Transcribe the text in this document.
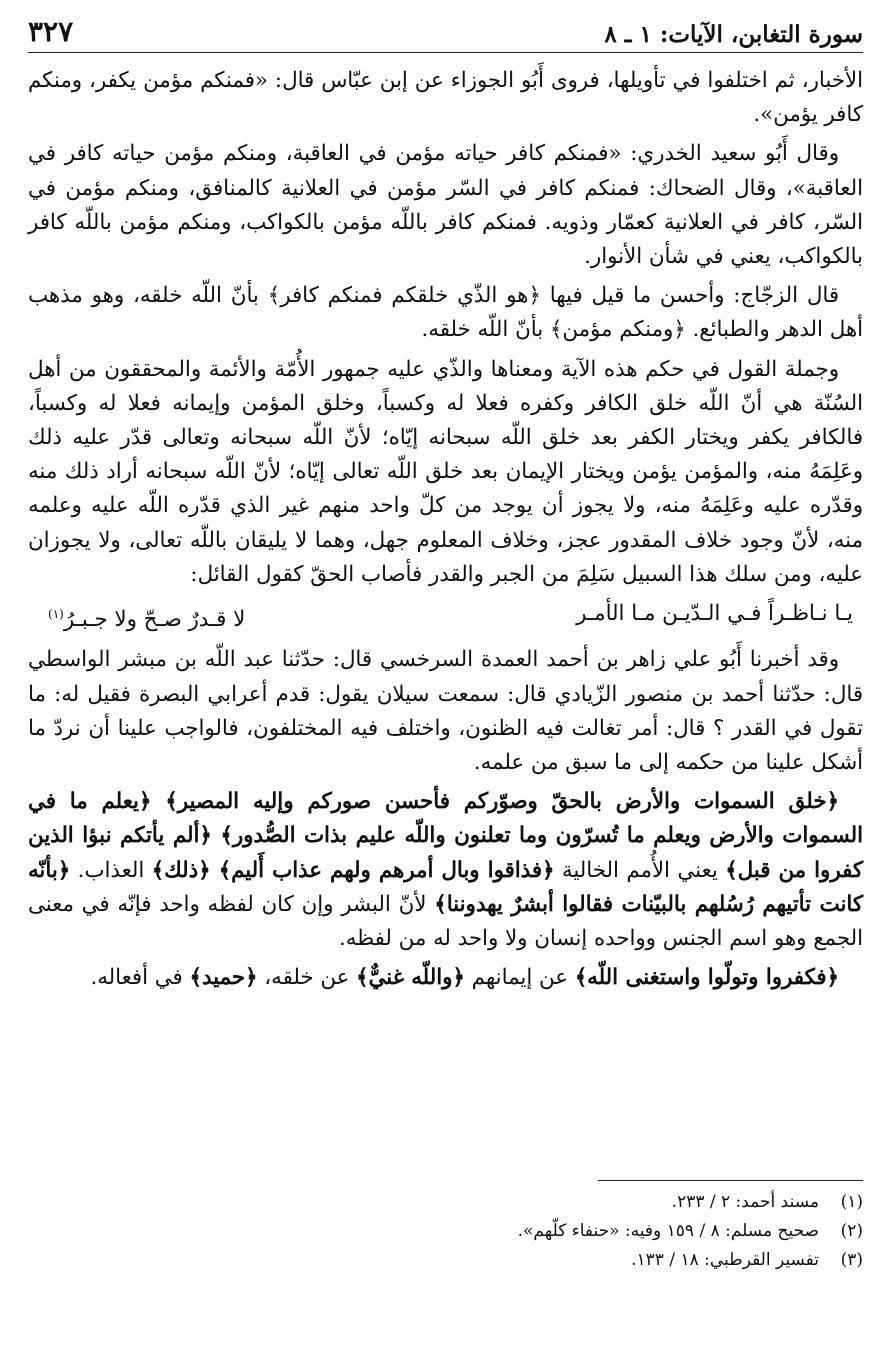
٣٢٧	سورة التغابن، الآيات: ١ ـ ٨

الأخبار، ثم اختلفوا في تأويلها، فروى أَبُو الجوزاء عن إبن عبّاس قال: «فمنكم مؤمن يكفر، ومنكم كافر يؤمن».

وقال أَبُو سعيد الخدري: «فمنكم كافر حياته مؤمن في العاقبة، ومنكم مؤمن حياته كافر في العاقبة»، وقال الضحاك: فمنكم كافر في السّر مؤمن في العلانية كالمنافق، ومنكم مؤمن في السّر، كافر في العلانية كعمّار وذويه. فمنكم كافر باللّه مؤمن بالكواكب، ومنكم مؤمن باللّه كافر بالكواكب، يعني في شأن الأنوار.

قال الزجّاج: وأحسن ما قيل فيها ﴿هو الذّي خلقكم فمنكم كافر﴾ بأنّ اللّه خلقه، وهو مذهب أهل الدهر والطبائع. ﴿ومنكم مؤمن﴾ بأنّ اللّه خلقه.

وجملة القول في حكم هذه الآية ومعناها والذّي عليه جمهور الأُمّة والأئمة والمحققون من أهل السُنّة هي أنّ اللّه خلق الكافر وكفره فعلا له وكسباً، وخلق المؤمن وإيمانه فعلا له وكسباً، فالكافر يكفر ويختار الكفر بعد خلق اللّه سبحانه إيّاه؛ لأنّ اللّه سبحانه وتعالى قدّر عليه ذلك وعَلِمَهُ منه، والمؤمن يؤمن ويختار الإيمان بعد خلق اللّه تعالى إيّاه؛ لأنّ اللّه سبحانه أراد ذلك منه وقدّره عليه وعَلِمَهُ منه، ولا يجوز أن يوجد من كلّ واحد منهم غير الذي قدّره اللّه عليه وعلمه منه، لأنّ وجود خلاف المقدور عجز، وخلاف المعلوم جهل، وهما لا يليقان باللّه تعالى، ولا يجوزان عليه، ومن سلك هذا السبيل سَلِمَ من الجبر والقدر فأصاب الحقّ كقول القائل:

يـا نـاظـراً فـي الـدّيـن مـا الأمـر
لا قـدرٌ صـحّ ولا جـبـرُ$^{(١)}$

وقد أخبرنا أَبُو علي زاهر بن أحمد العمدة السرخسي قال: حدّثنا عبد اللّه بن مبشر الواسطي قال: حدّثنا أحمد بن منصور الزّيادي قال: سمعت سيلان يقول: قدم أعرابي البصرة فقيل له: ما تقول في القدر ؟ قال: أمر تغالت فيه الظنون، واختلف فيه المختلفون، فالواجب علينا أن نردّ ما أشكل علينا من حكمه إلى ما سبق من علمه.

﴿خلق السموات والأرض بالحقّ وصوّركم فأحسن صوركم وإليه المصير﴾ ﴿يعلم ما في السموات والأرض ويعلم ما تُسرّون وما تعلنون واللّه عليم بذات الصُّدور﴾ ﴿ألم يأتكم نبؤا الذين كفروا من قبل﴾ يعني الأُمم الخالية ﴿فذاقوا وبال أمرهم ولهم عذاب أَليم﴾ ﴿ذلك﴾ العذاب. ﴿بأنّه كانت تأتيهم رُسُلهم بالبيّنات فقالوا أبشرٌ يهدوننا﴾ لأنّ البشر وإن كان لفظه واحد فإنّه في معنى الجمع وهو اسم الجنس وواحده إنسان ولا واحد له من لفظه.

﴿فكفروا وتولّوا واستغنى اللّه﴾ عن إيمانهم ﴿واللّه غنيٌّ﴾ عن خلقه، ﴿حميد﴾ في أفعاله.

(١)
مسند أحمد: ٢ / ٢٣٣.
(٢)
صحيح مسلم: ٨ / ١٥٩ وفيه: «حنفاء كلّهم».
(٣)
تفسير القرطبي: ١٨ / ١٣٣.
